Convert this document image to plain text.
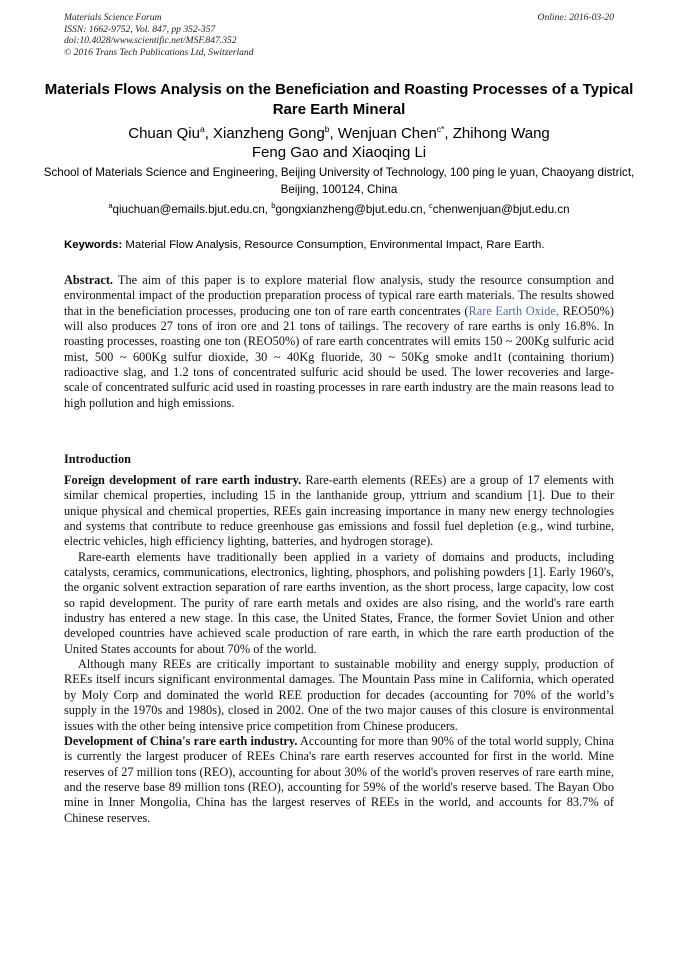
Materials Science Forum
ISSN: 1662-9752, Vol. 847, pp 352-357
doi:10.4028/www.scientific.net/MSF.847.352
© 2016 Trans Tech Publications Ltd, Switzerland
Online: 2016-03-20
Materials Flows Analysis on the Beneficiation and Roasting Processes of a Typical Rare Earth Mineral
Chuan Qiu$^a$, Xianzheng Gong$^b$, Wenjuan Chen$^{c*}$, Zhihong Wang
Feng Gao and Xiaoqing Li
School of Materials Science and Engineering, Beijing University of Technology, 100 ping le yuan, Chaoyang district, Beijing, 100124, China
$^a$qiuchuan@emails.bjut.edu.cn, $^b$gongxianzheng@bjut.edu.cn, $^c$chenwenjuan@bjut.edu.cn
Keywords: Material Flow Analysis, Resource Consumption, Environmental Impact, Rare Earth.

Abstract. The aim of this paper is to explore material flow analysis, study the resource consumption and environmental impact of the production preparation process of typical rare earth materials. The results showed that in the beneficiation processes, producing one ton of rare earth concentrates (Rare Earth Oxide, REO50%) will also produces 27 tons of iron ore and 21 tons of tailings. The recovery of rare earths is only 16.8%. In roasting processes, roasting one ton (REO50%) of rare earth concentrates will emits 150 ~ 200Kg sulfuric acid mist, 500 ~ 600Kg sulfur dioxide, 30 ~ 40Kg fluoride, 30 ~ 50Kg smoke and1t (containing thorium) radioactive slag, and 1.2 tons of concentrated sulfuric acid should be used. The lower recoveries and large-scale of concentrated sulfuric acid used in roasting processes in rare earth industry are the main reasons lead to high pollution and high emissions.

Introduction

Foreign development of rare earth industry. Rare-earth elements (REEs) are a group of 17 elements with similar chemical properties, including 15 in the lanthanide group, yttrium and scandium [1]. Due to their unique physical and chemical properties, REEs gain increasing importance in many new energy technologies and systems that contribute to reduce greenhouse gas emissions and fossil fuel depletion (e.g., wind turbine, electric vehicles, high efficiency lighting, batteries, and hydrogen storage).

Rare-earth elements have traditionally been applied in a variety of domains and products, including catalysts, ceramics, communications, electronics, lighting, phosphors, and polishing powders [1]. Early 1960's, the organic solvent extraction separation of rare earths invention, as the short process, large capacity, low cost so rapid development. The purity of rare earth metals and oxides are also rising, and the world's rare earth industry has entered a new stage. In this case, the United States, France, the former Soviet Union and other developed countries have achieved scale production of rare earth, in which the rare earth production of the United States accounts for about 70% of the world.

Although many REEs are critically important to sustainable mobility and energy supply, production of REEs itself incurs significant environmental damages. The Mountain Pass mine in California, which operated by Moly Corp and dominated the world REE production for decades (accounting for 70% of the world’s supply in the 1970s and 1980s), closed in 2002. One of the two major causes of this closure is environmental issues with the other being intensive price competition from Chinese producers.

Development of China's rare earth industry. Accounting for more than 90% of the total world supply, China is currently the largest producer of REEs China's rare earth reserves accounted for first in the world. Mine reserves of 27 million tons (REO), accounting for about 30% of the world's proven reserves of rare earth mine, and the reserve base 89 million tons (REO), accounting for 59% of the world's reserve based. The Bayan Obo mine in Inner Mongolia, China has the largest reserves of REEs in the world, and accounts for 83.7% of Chinese reserves.
